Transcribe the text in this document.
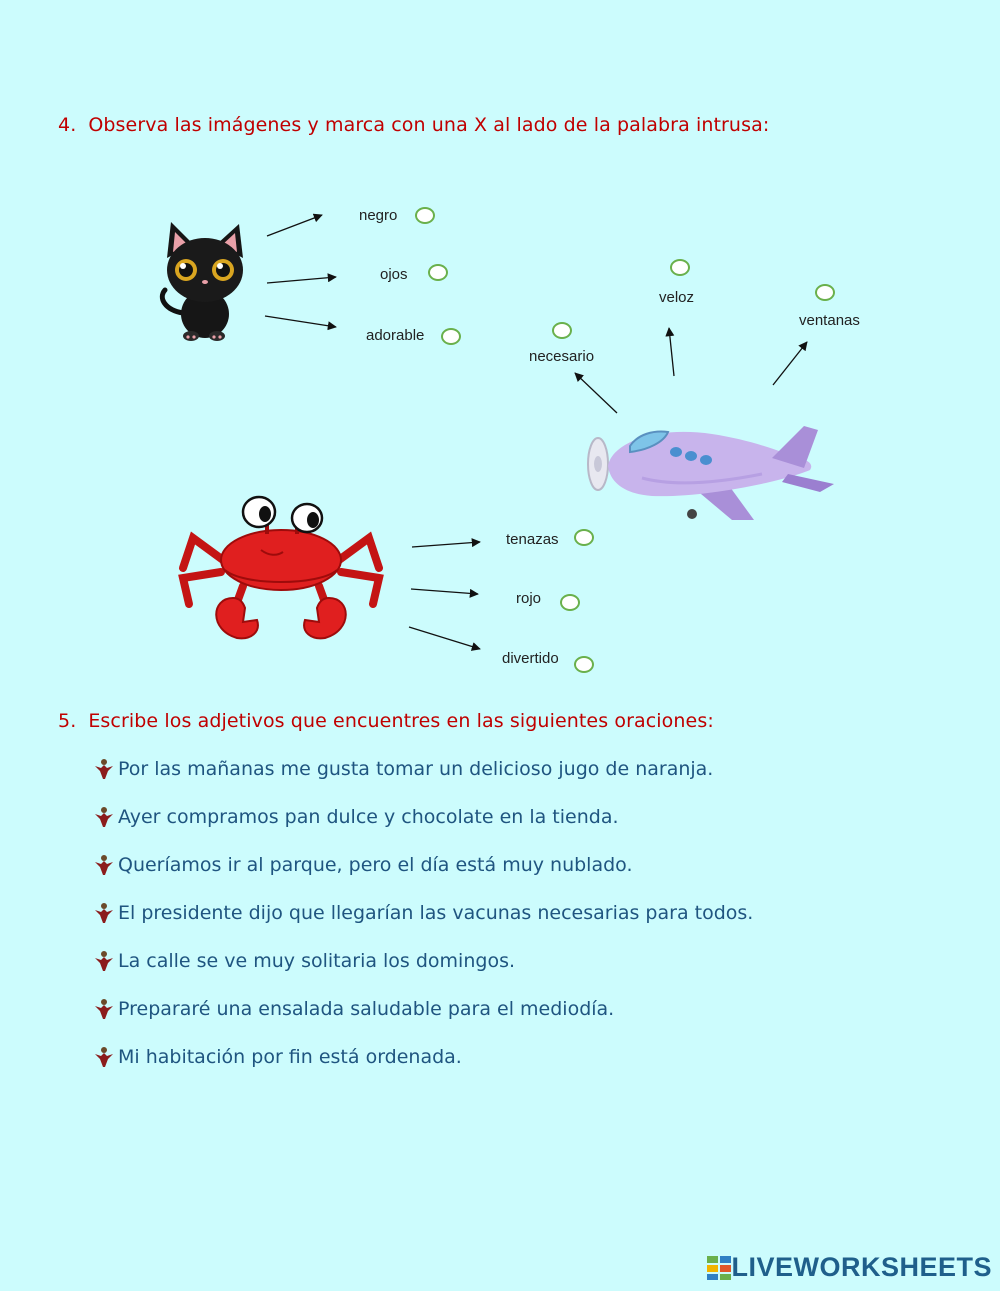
4. Observa las imágenes y marca con una X al lado de la palabra intrusa:
negro
ojos
adorable
necesario
veloz
ventanas
tenazas
rojo
divertido
5. Escribe los adjetivos que encuentres en las siguientes oraciones:

Por las mañanas me gusta tomar un delicioso jugo de naranja.

Ayer compramos pan dulce y chocolate en la tienda.

Queríamos ir al parque, pero el día está muy nublado.

El presidente dijo que llegarían las vacunas necesarias para todos.

La calle se ve muy solitaria los domingos.

Prepararé una ensalada saludable para el mediodía.

Mi habitación por fin está ordenada.

LIVEWORKSHEETS
